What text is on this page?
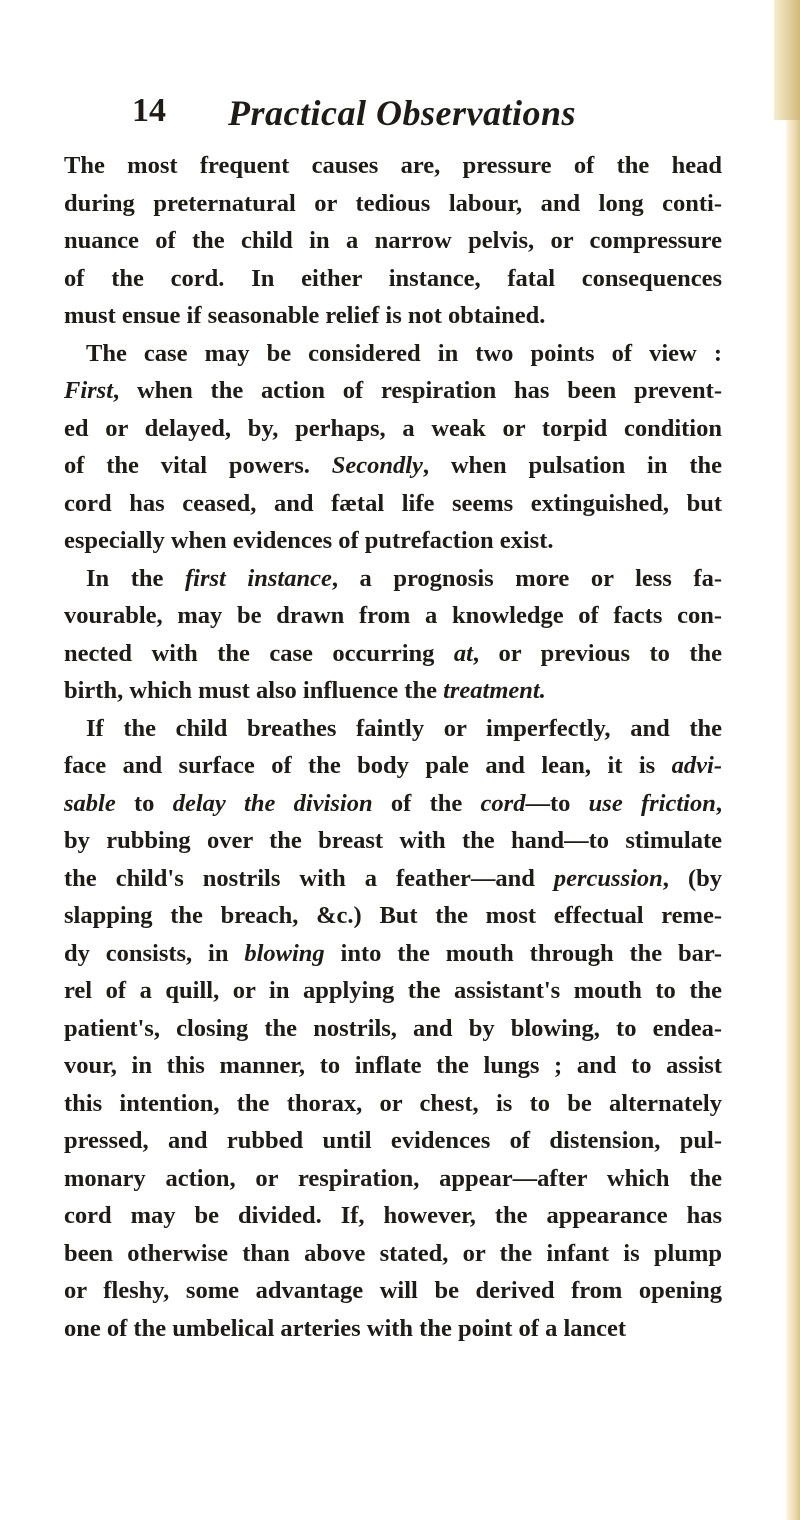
14 Practical Observations
The most frequent causes are, pressure of the head
during preternatural or tedious labour, and long conti-
nuance of the child in a narrow pelvis, or compressure
of the cord. In either instance, fatal consequences
must ensue if seasonable relief is not obtained.
The case may be considered in two points of view :
First, when the action of respiration has been prevent-
ed or delayed, by, perhaps, a weak or torpid condition
of the vital powers. Secondly, when pulsation in the
cord has ceased, and fætal life seems extinguished, but
especially when evidences of putrefaction exist.
In the first instance, a prognosis more or less fa-
vourable, may be drawn from a knowledge of facts con-
nected with the case occurring at, or previous to the
birth, which must also influence the treatment.
If the child breathes faintly or imperfectly, and the
face and surface of the body pale and lean, it is advi-
sable to delay the division of the cord—to use friction,
by rubbing over the breast with the hand—to stimulate
the child's nostrils with a feather—and percussion, (by
slapping the breach, &c.) But the most effectual reme-
dy consists, in blowing into the mouth through the bar-
rel of a quill, or in applying the assistant's mouth to the
patient's, closing the nostrils, and by blowing, to endea-
vour, in this manner, to inflate the lungs ; and to assist
this intention, the thorax, or chest, is to be alternately
pressed, and rubbed until evidences of distension, pul-
monary action, or respiration, appear—after which the
cord may be divided. If, however, the appearance has
been otherwise than above stated, or the infant is plump
or fleshy, some advantage will be derived from opening
one of the umbelical arteries with the point of a lancet
